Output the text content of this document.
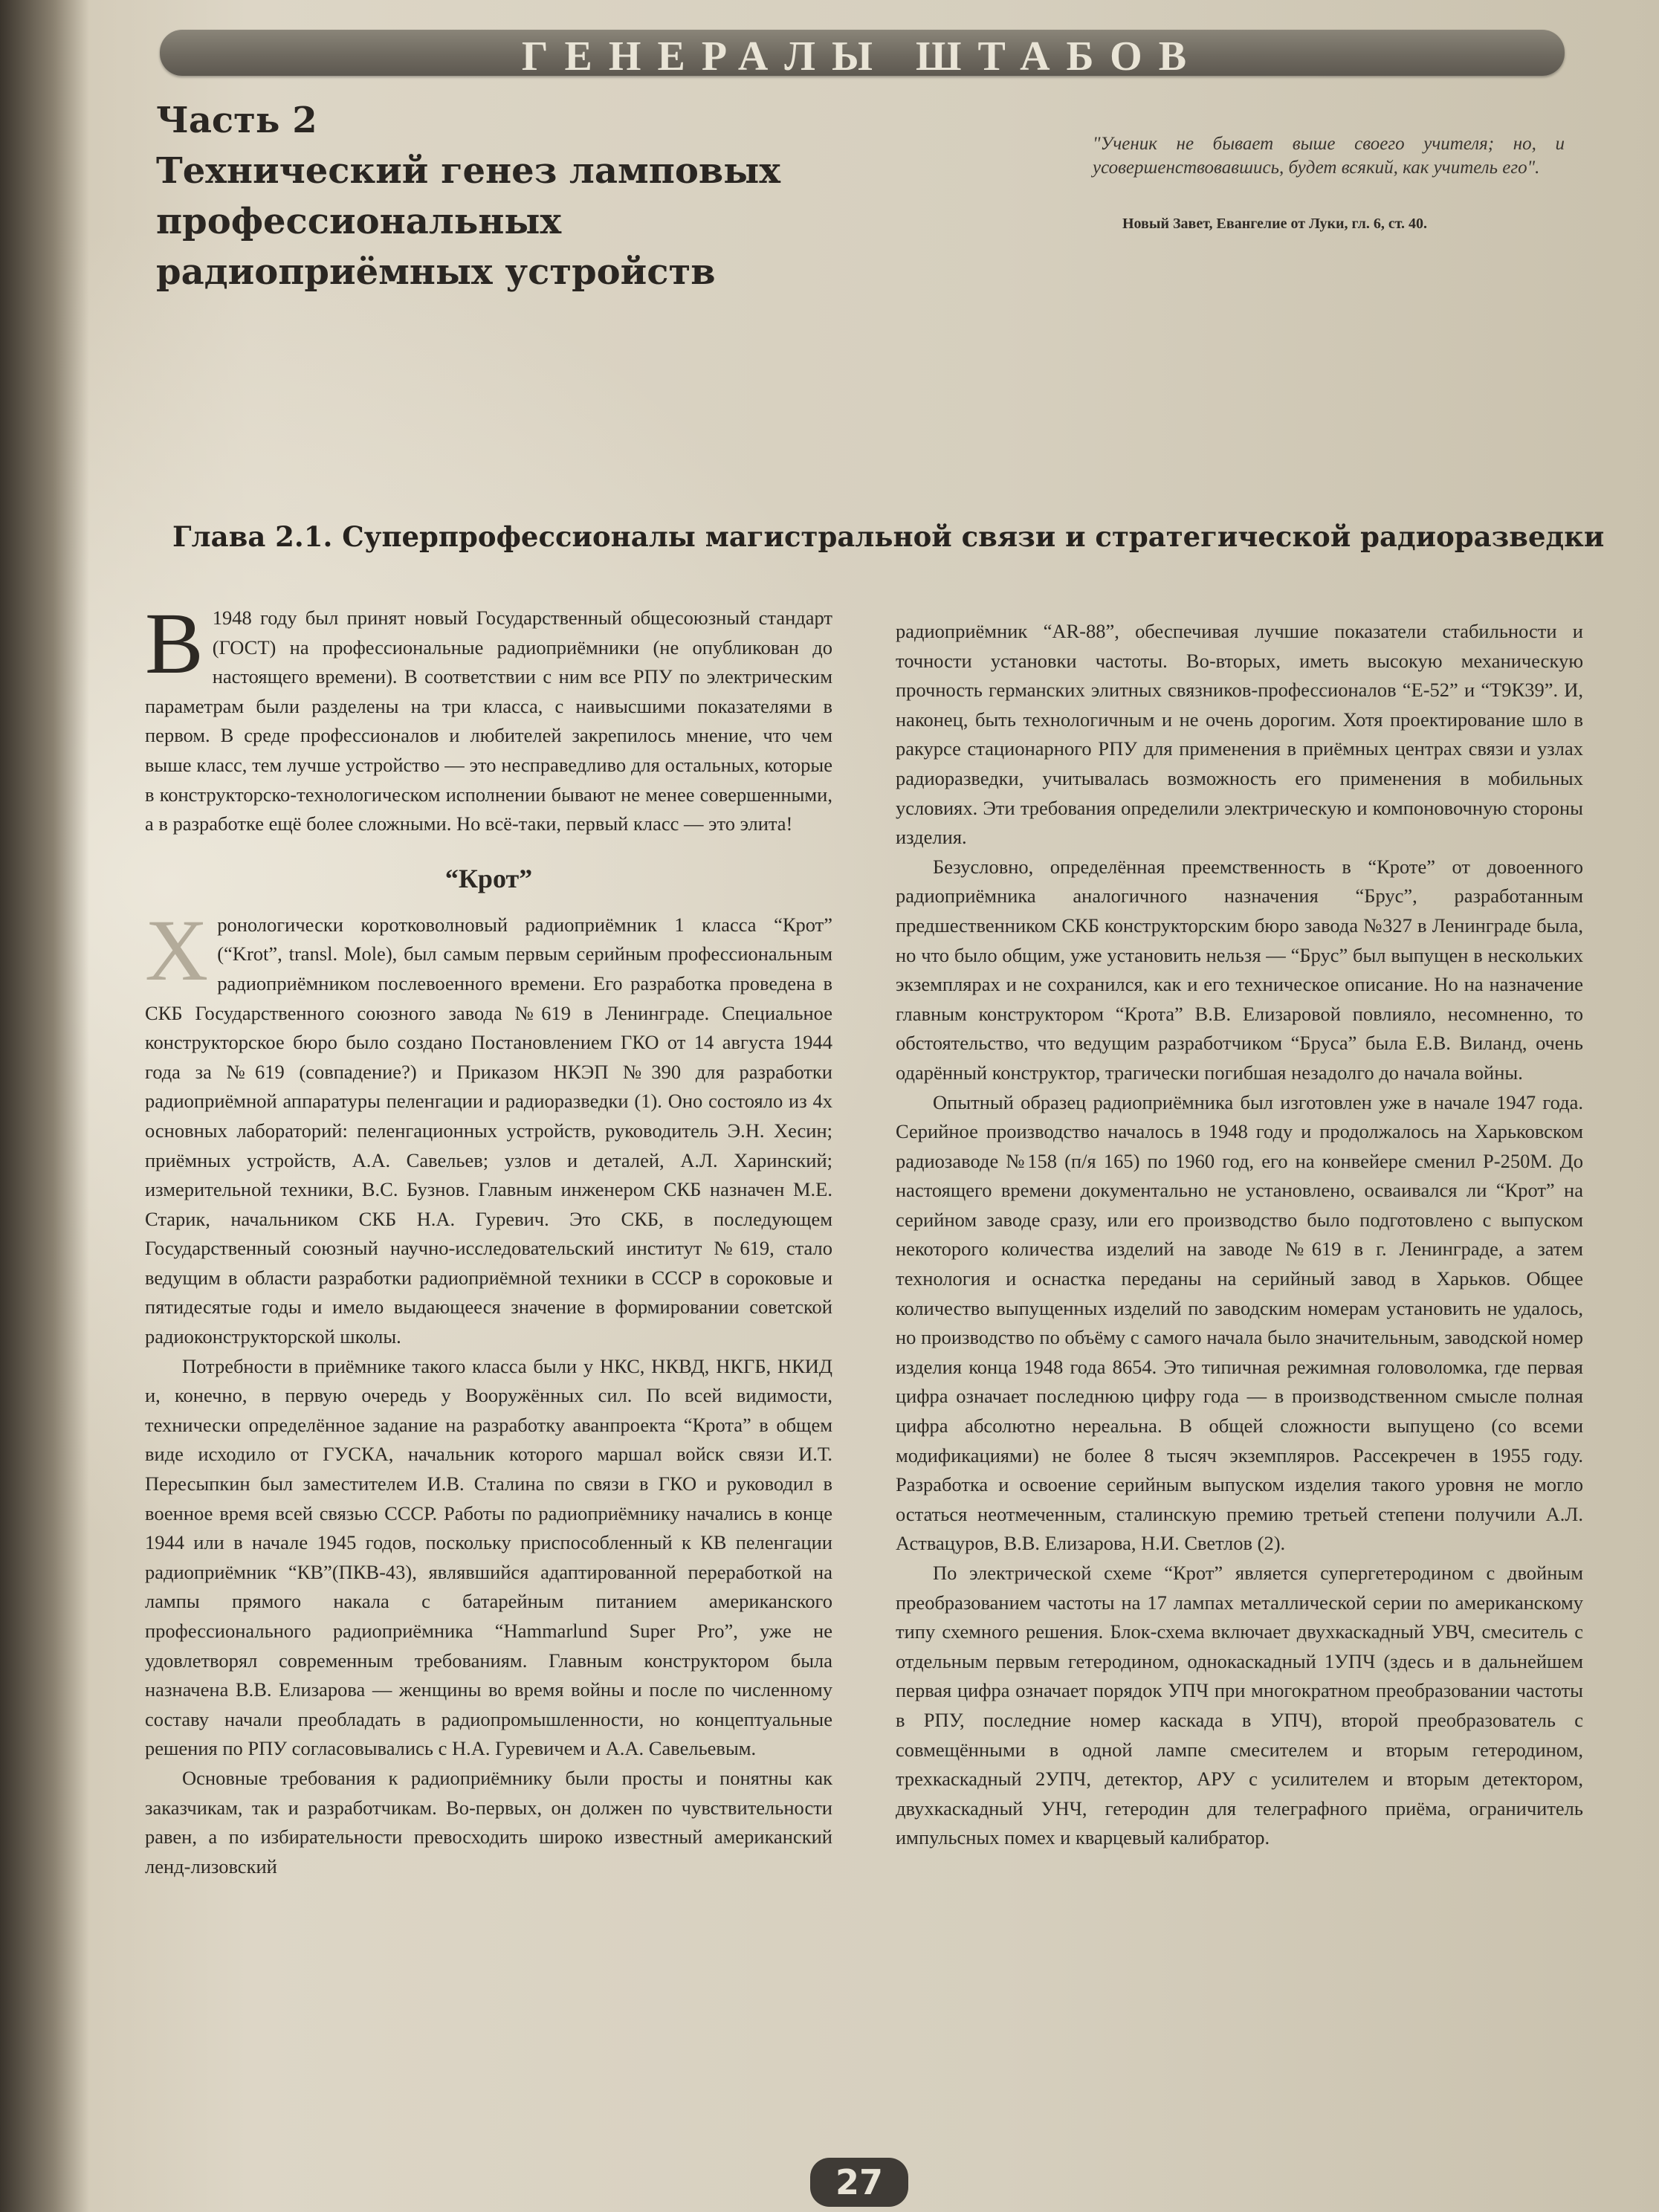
ГЕНЕРАЛЫ ШТАБОВ
Часть 2
Технический генез ламповых
профессиональных
радиоприёмных устройств
"Ученик не бывает выше своего учителя; но, и усовершенствовавшись, будет всякий, как учитель его".
Новый Завет, Евангелие от Луки, гл. 6, ст. 40.
Глава 2.1. Суперпрофессионалы магистральной связи и стратегической радиоразведки

В 1948 году был принят новый Государственный общесоюзный стандарт (ГОСТ) на профессиональные радиоприёмники (не опубликован до настоящего времени). В соответствии с ним все РПУ по электрическим параметрам были разделены на три класса, с наивысшими показателями в первом. В среде профессионалов и любителей закрепилось мнение, что чем выше класс, тем лучше устройство — это несправедливо для остальных, которые в конструкторско-технологическом исполнении бывают не менее совершенными, а в разработке ещё более сложными. Но всё-таки, первый класс — это элита!

“Крот”

Хронологически коротковолновый радиоприёмник 1 класса “Крот” (“Krot”, transl. Mole), был самым первым серийным профессиональным радиоприёмником послевоенного времени. Его разработка проведена в СКБ Государственного союзного завода №619 в Ленинграде. Специальное конструкторское бюро было создано Постановлением ГКО от 14 августа 1944 года за №619 (совпадение?) и Приказом НКЭП №390 для разработки радиоприёмной аппаратуры пеленгации и радиоразведки (1). Оно состояло из 4х основных лабораторий: пеленгационных устройств, руководитель Э.Н. Хесин; приёмных устройств, А.А. Савельев; узлов и деталей, А.Л. Харинский; измерительной техники, В.С. Бузнов. Главным инженером СКБ назначен М.Е. Старик, начальником СКБ Н.А. Гуревич. Это СКБ, в последующем Государственный союзный научно-исследовательский институт №619, стало ведущим в области разработки радиоприёмной техники в СССР в сороковые и пятидесятые годы и имело выдающееся значение в формировании советской радиоконструкторской школы.

Потребности в приёмнике такого класса были у НКС, НКВД, НКГБ, НКИД и, конечно, в первую очередь у Вооружённых сил. По всей видимости, технически определённое задание на разработку аванпроекта “Крота” в общем виде исходило от ГУСКА, начальник которого маршал войск связи И.Т. Пересыпкин был заместителем И.В. Сталина по связи в ГКО и руководил в военное время всей связью СССР. Работы по радиоприёмнику начались в конце 1944 или в начале 1945 годов, поскольку приспособленный к КВ пеленгации радиоприёмник “КВ”(ПКВ-43), являвшийся адаптированной переработкой на лампы прямого накала с батарейным питанием американского профессионального радиоприёмника “Hammarlund Super Pro”, уже не удовлетворял современным требованиям. Главным конструктором была назначена В.В. Елизарова — женщины во время войны и после по численному составу начали преобладать в радиопромышленности, но концептуальные решения по РПУ согласовывались с Н.А. Гуревичем и А.А. Савельевым.

Основные требования к радиоприёмнику были просты и понятны как заказчикам, так и разработчикам. Во-первых, он должен по чувствительности равен, а по избирательности превосходить широко известный американский ленд-лизовский

радиоприёмник “AR-88”, обеспечивая лучшие показатели стабильности и точности установки частоты. Во-вторых, иметь высокую механическую прочность германских элитных связников-профессионалов “Е-52” и “Т9К39”. И, наконец, быть технологичным и не очень дорогим. Хотя проектирование шло в ракурсе стационарного РПУ для применения в приёмных центрах связи и узлах радиоразведки, учитывалась возможность его применения в мобильных условиях. Эти требования определили электрическую и компоновочную стороны изделия.

Безусловно, определённая преемственность в “Кроте” от довоенного радиоприёмника аналогичного назначения “Брус”, разработанным предшественником СКБ конструкторским бюро завода №327 в Ленинграде была, но что было общим, уже установить нельзя — “Брус” был выпущен в нескольких экземплярах и не сохранился, как и его техническое описание. Но на назначение главным конструктором “Крота” В.В. Елизаровой повлияло, несомненно, то обстоятельство, что ведущим разработчиком “Бруса” была Е.В. Виланд, очень одарённый конструктор, трагически погибшая незадолго до начала войны.

Опытный образец радиоприёмника был изготовлен уже в начале 1947 года. Серийное производство началось в 1948 году и продолжалось на Харьковском радиозаводе №158 (п/я 165) по 1960 год, его на конвейере сменил Р-250М. До настоящего времени документально не установлено, осваивался ли “Крот” на серийном заводе сразу, или его производство было подготовлено с выпуском некоторого количества изделий на заводе №619 в г. Ленинграде, а затем технология и оснастка переданы на серийный завод в Харьков. Общее количество выпущенных изделий по заводским номерам установить не удалось, но производство по объёму с самого начала было значительным, заводской номер изделия конца 1948 года 8654. Это типичная режимная головоломка, где первая цифра означает последнюю цифру года — в производственном смысле полная цифра абсолютно нереальна. В общей сложности выпущено (со всеми модификациями) не более 8 тысяч экземпляров. Рассекречен в 1955 году. Разработка и освоение серийным выпуском изделия такого уровня не могло остаться неотмеченным, сталинскую премию третьей степени получили А.Л. Аствацуров, В.В. Елизарова, Н.И. Светлов (2).

По электрической схеме “Крот” является супергетеродином с двойным преобразованием частоты на 17 лампах металлической серии по американскому типу схемного решения. Блок-схема включает двухкаскадный УВЧ, смеситель с отдельным первым гетеродином, однокаскадный 1УПЧ (здесь и в дальнейшем первая цифра означает порядок УПЧ при многократном преобразовании частоты в РПУ, последние номер каскада в УПЧ), второй преобразователь с совмещёнными в одной лампе смесителем и вторым гетеродином, трехкаскадный 2УПЧ, детектор, АРУ с усилителем и вторым детектором, двухкаскадный УНЧ, гетеродин для телеграфного приёма, ограничитель импульсных помех и кварцевый калибратор.

27
